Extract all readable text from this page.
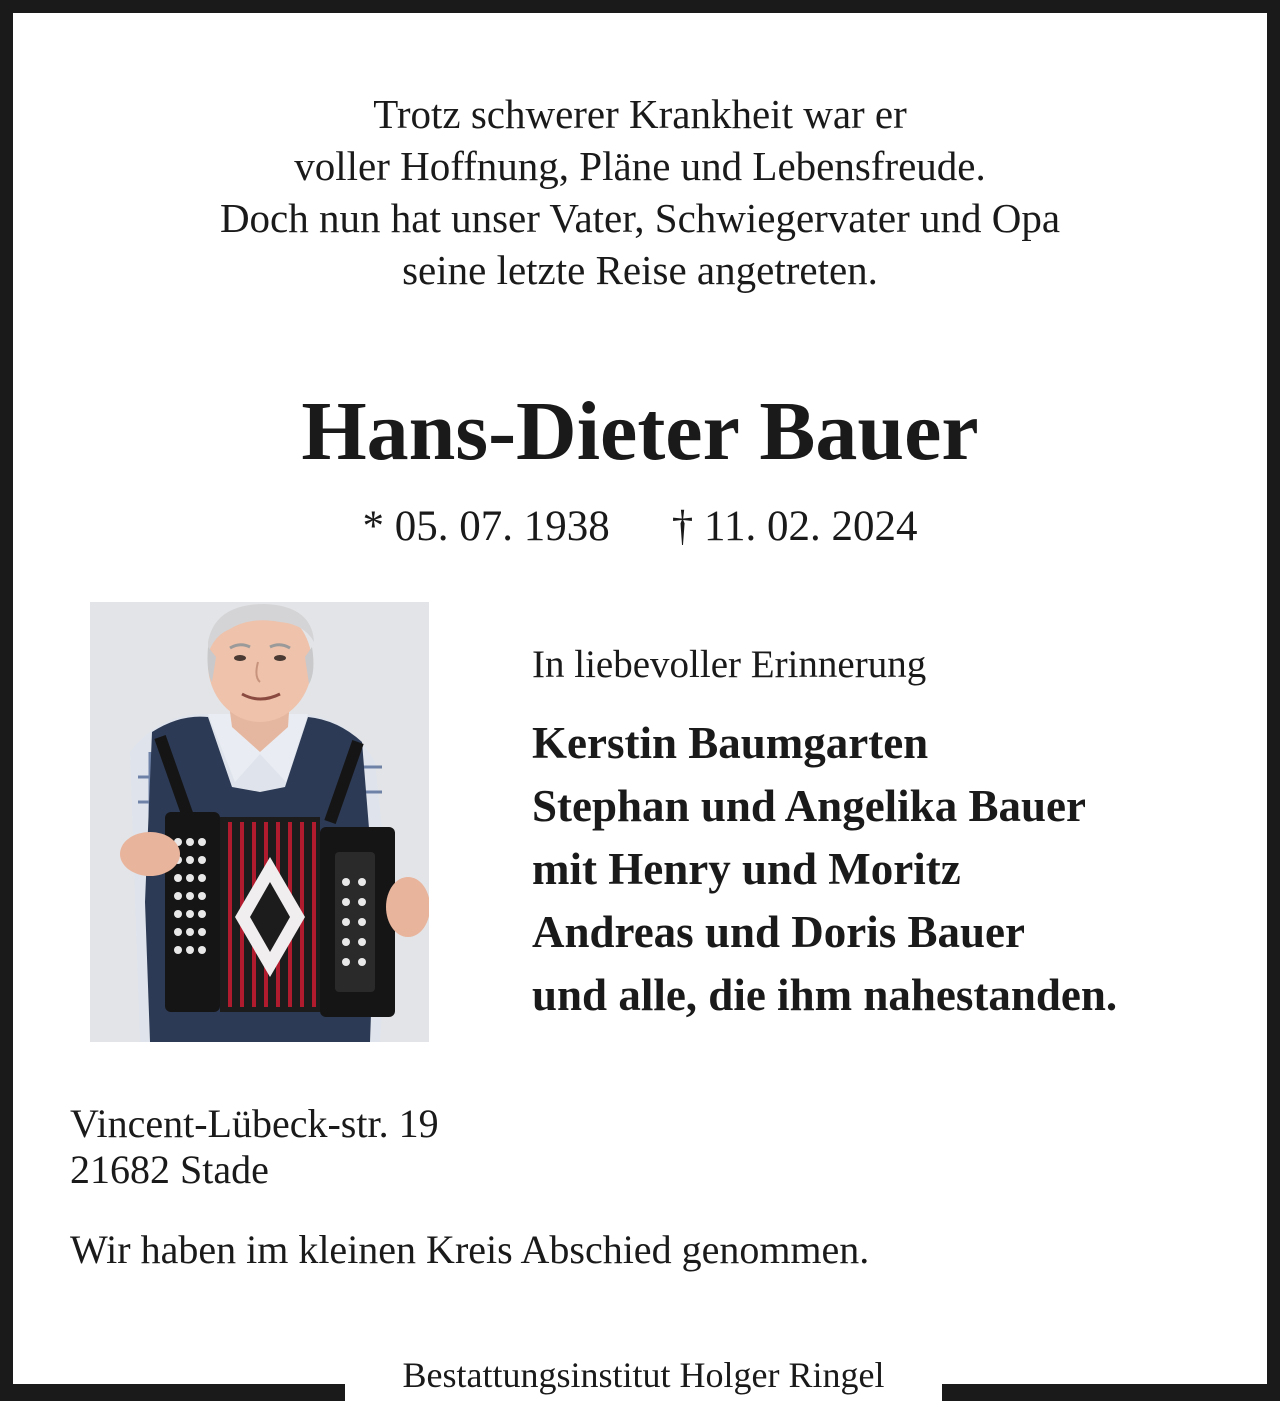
Trotz schwerer Krankheit war er
voller Hoffnung, Pläne und Lebensfreude.
Doch nun hat unser Vater, Schwiegervater und Opa
seine letzte Reise angetreten.
Hans-Dieter Bauer
* 05. 07. 1938 † 11. 02. 2024
In liebevoller Erinnerung
Kerstin Baumgarten
Stephan und Angelika Bauer
mit Henry und Moritz
Andreas und Doris Bauer
und alle, die ihm nahestanden.
Vincent-Lübeck-str. 19
21682 Stade
Wir haben im kleinen Kreis Abschied genommen.
Bestattungsinstitut Holger Ringel
